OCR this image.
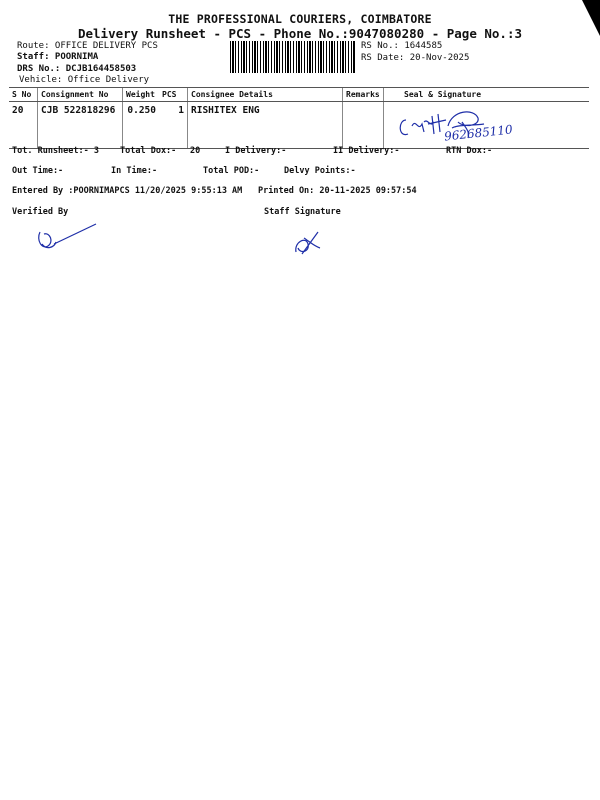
THE PROFESSIONAL COURIERS, COIMBATORE
Delivery Runsheet - PCS - Phone No.:9047080280 - Page No.:3
Route: OFFICE DELIVERY PCS
Staff: POORNIMA
DRS No.: DCJB164458503
Vehicle: Office Delivery
RS No.: 1644585
RS Date: 20-Nov-2025
S No	Consignment No	Weight	PCS	Consignee Details	Remarks	Seal & Signature
20	CJB 522818296	0.250	1	RISHITEX ENG		962685110
Tot. Runsheet:- 3 Total Dox:- 20	I Delivery:-	II Delivery:-	RTN Dox:-
Out Time:-	In Time:-	Total POD:-	Delvy Points:-
Entered By :POORNIMAPCS 11/20/2025 9:55:13 AM Printed On: 20-11-2025 09:57:54
Verified By	Staff Signature
